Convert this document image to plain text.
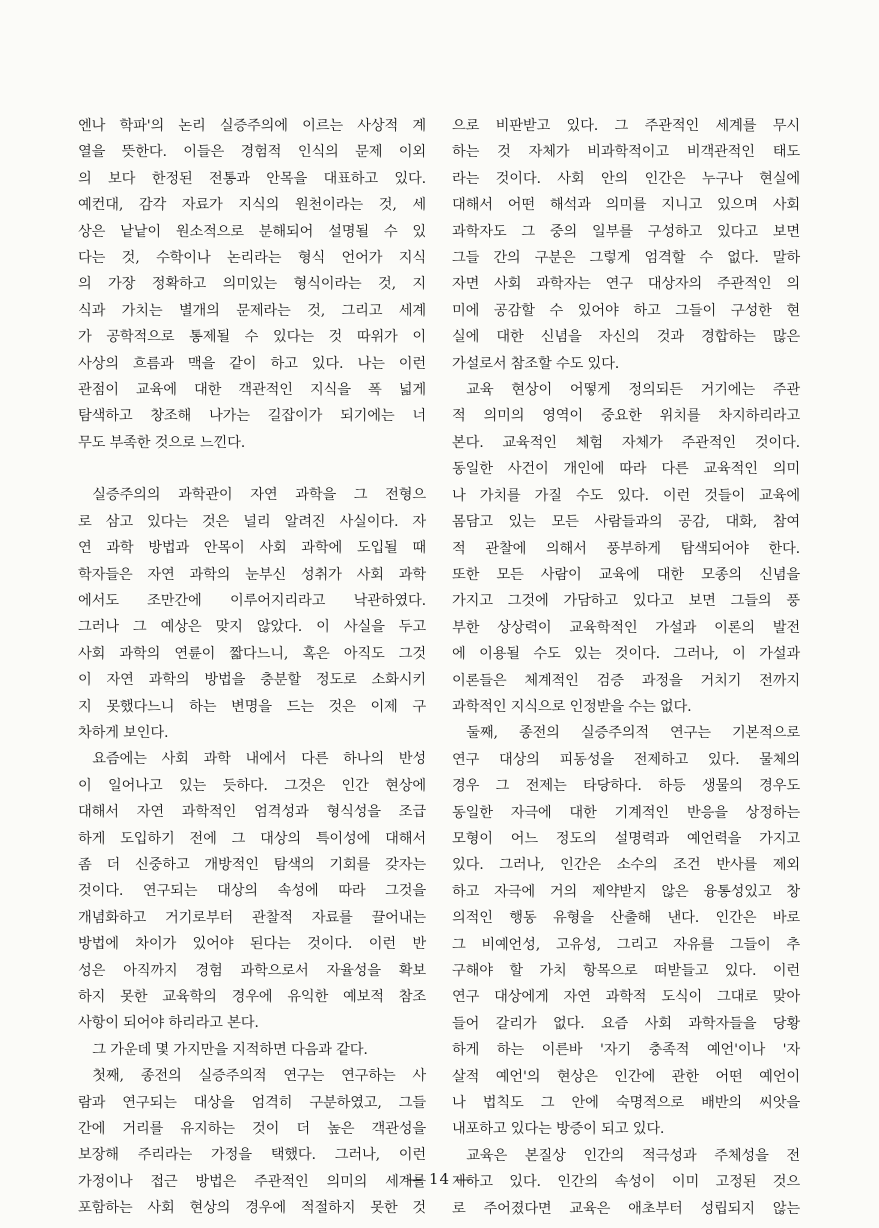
엔나 학파'의 논리 실증주의에 이르는 사상적 계
열을 뜻한다. 이들은 경험적 인식의 문제 이외
의 보다 한정된 전통과 안목을 대표하고 있다.
예컨대, 감각 자료가 지식의 원천이라는 것, 세
상은 낱낱이 원소적으로 분해되어 설명될 수 있
다는 것, 수학이나 논리라는 형식 언어가 지식
의 가장 정확하고 의미있는 형식이라는 것, 지
식과 가치는 별개의 문제라는 것, 그리고 세계
가 공학적으로 통제될 수 있다는 것 따위가 이
사상의 흐름과 맥을 같이 하고 있다. 나는 이런
관점이 교육에 대한 객관적인 지식을 폭 넓게
탐색하고 창조해 나가는 길잡이가 되기에는 너
무도 부족한 것으로 느낀다.
실증주의의 과학관이 자연 과학을 그 전형으
로 삼고 있다는 것은 널리 알려진 사실이다. 자
연 과학 방법과 안목이 사회 과학에 도입될 때
학자들은 자연 과학의 눈부신 성취가 사회 과학
에서도 조만간에 이루어지리라고 낙관하였다.
그러나 그 예상은 맞지 않았다. 이 사실을 두고
사회 과학의 연륜이 짧다느니, 혹은 아직도 그것
이 자연 과학의 방법을 충분할 정도로 소화시키
지 못했다느니 하는 변명을 드는 것은 이제 구
차하게 보인다.
요즘에는 사회 과학 내에서 다른 하나의 반성
이 일어나고 있는 듯하다. 그것은 인간 현상에
대해서 자연 과학적인 엄격성과 형식성을 조급
하게 도입하기 전에 그 대상의 특이성에 대해서
좀 더 신중하고 개방적인 탐색의 기회를 갖자는
것이다. 연구되는 대상의 속성에 따라 그것을
개념화하고 거기로부터 관찰적 자료를 끌어내는
방법에 차이가 있어야 된다는 것이다. 이런 반
성은 아직까지 경험 과학으로서 자율성을 확보
하지 못한 교육학의 경우에 유익한 예보적 참조
사항이 되어야 하리라고 본다.
그 가운데 몇 가지만을 지적하면 다음과 같다.
첫째, 종전의 실증주의적 연구는 연구하는 사
람과 연구되는 대상을 엄격히 구분하였고, 그들
간에 거리를 유지하는 것이 더 높은 객관성을
보장해 주리라는 가정을 택했다. 그러나, 이런
가정이나 접근 방법은 주관적인 의미의 세계를
포함하는 사회 현상의 경우에 적절하지 못한 것
으로 비판받고 있다. 그 주관적인 세계를 무시
하는 것 자체가 비과학적이고 비객관적인 태도
라는 것이다. 사회 안의 인간은 누구나 현실에
대해서 어떤 해석과 의미를 지니고 있으며 사회
과학자도 그 중의 일부를 구성하고 있다고 보면
그들 간의 구분은 그렇게 엄격할 수 없다. 말하
자면 사회 과학자는 연구 대상자의 주관적인 의
미에 공감할 수 있어야 하고 그들이 구성한 현
실에 대한 신념을 자신의 것과 경합하는 많은
가설로서 참조할 수도 있다.
교육 현상이 어떻게 정의되든 거기에는 주관
적 의미의 영역이 중요한 위치를 차지하리라고
본다. 교육적인 체험 자체가 주관적인 것이다.
동일한 사건이 개인에 따라 다른 교육적인 의미
나 가치를 가질 수도 있다. 이런 것들이 교육에
몸담고 있는 모든 사람들과의 공감, 대화, 참여
적 관찰에 의해서 풍부하게 탐색되어야 한다.
또한 모든 사람이 교육에 대한 모종의 신념을
가지고 그것에 가담하고 있다고 보면 그들의 풍
부한 상상력이 교육학적인 가설과 이론의 발전
에 이용될 수도 있는 것이다. 그러나, 이 가설과
이론들은 체계적인 검증 과정을 거치기 전까지
과학적인 지식으로 인정받을 수는 없다.
둘째, 종전의 실증주의적 연구는 기본적으로
연구 대상의 피동성을 전제하고 있다. 물체의
경우 그 전제는 타당하다. 하등 생물의 경우도
동일한 자극에 대한 기계적인 반응을 상정하는
모형이 어느 정도의 설명력과 예언력을 가지고
있다. 그러나, 인간은 소수의 조건 반사를 제외
하고 자극에 거의 제약받지 않은 융통성있고 창
의적인 행동 유형을 산출해 낸다. 인간은 바로
그 비예언성, 고유성, 그리고 자유를 그들이 추
구해야 할 가치 항목으로 떠받들고 있다. 이런
연구 대상에게 자연 과학적 도식이 그대로 맞아
들어 갈리가 없다. 요즘 사회 과학자들을 당황
하게 하는 이른바 '자기 충족적 예언'이나 '자
살적 예언'의 현상은 인간에 관한 어떤 예언이
나 법칙도 그 안에 숙명적으로 배반의 씨앗을
내포하고 있다는 방증이 되고 있다.
교육은 본질상 인간의 적극성과 주체성을 전
제하고 있다. 인간의 속성이 이미 고정된 것으
로 주어졌다면 교육은 애초부터 성립되지 않는
— 14 —
